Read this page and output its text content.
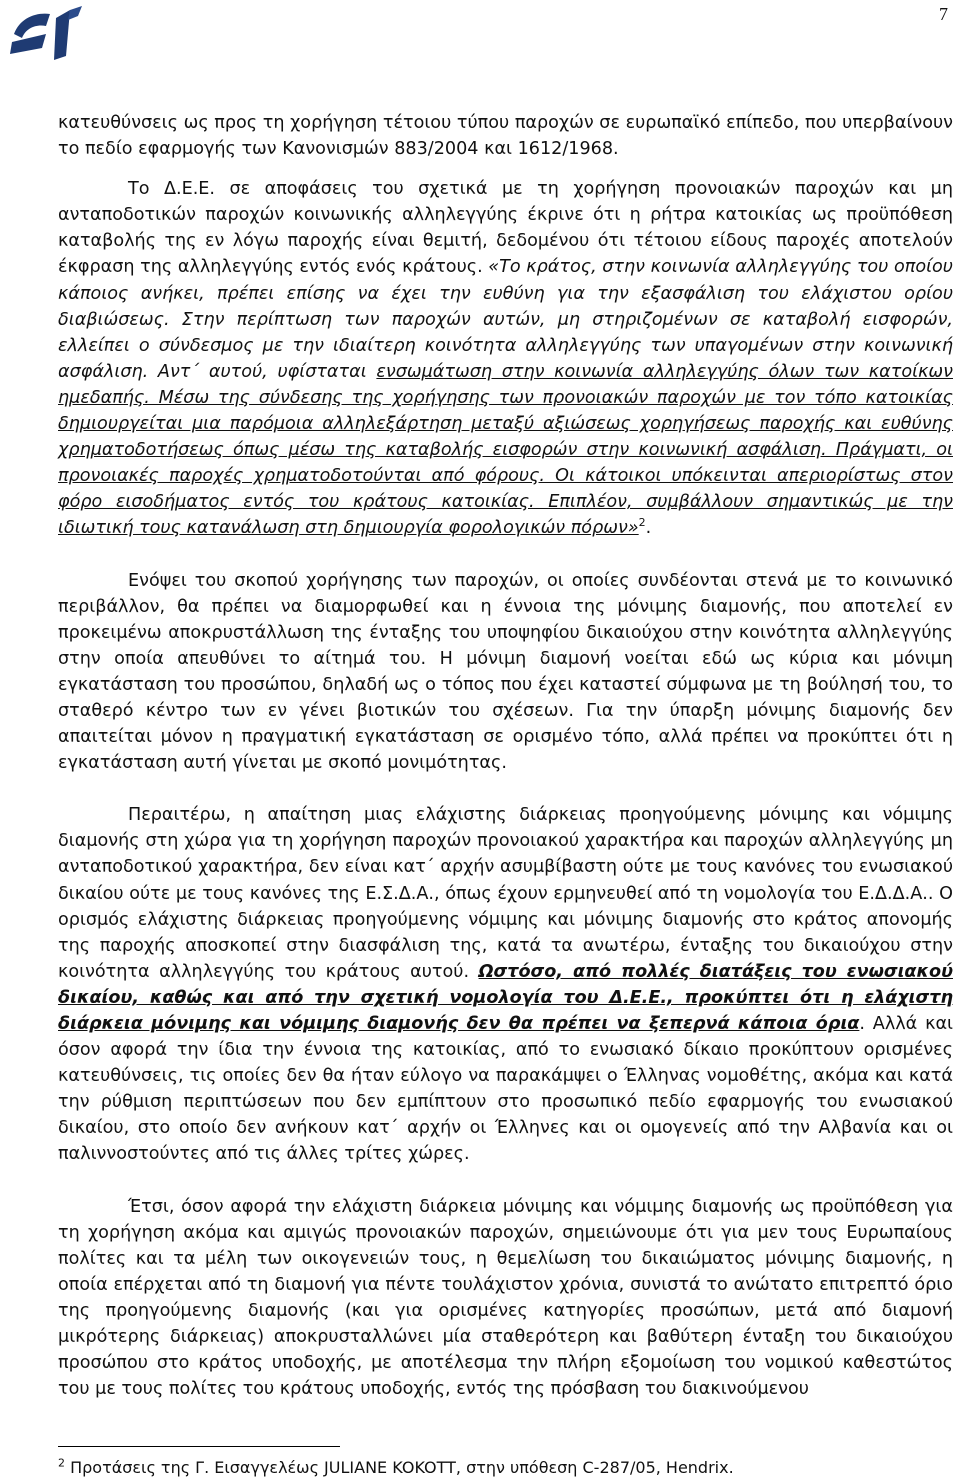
7

κατευθύνσεις ως προς τη χορήγηση τέτοιου τύπου παροχών σε ευρωπαϊκό επίπεδο, που υπερβαίνουν το πεδίο εφαρμογής των Κανονισμών 883/2004 και 1612/1968.

Το Δ.Ε.Ε. σε αποφάσεις του σχετικά με τη χορήγηση προνοιακών παροχών και μη ανταποδοτικών παροχών κοινωνικής αλληλεγγύης έκρινε ότι η ρήτρα κατοικίας ως προϋπόθεση καταβολής της εν λόγω παροχής είναι θεμιτή, δεδομένου ότι τέτοιου είδους παροχές αποτελούν έκφραση της αλληλεγγύης εντός ενός κράτους. «Το κράτος, στην κοινωνία αλληλεγγύης του οποίου κάποιος ανήκει, πρέπει επίσης να έχει την ευθύνη για την εξασφάλιση του ελάχιστου ορίου διαβιώσεως. Στην περίπτωση των παροχών αυτών, μη στηριζομένων σε καταβολή εισφορών, ελλείπει ο σύνδεσμος με την ιδιαίτερη κοινότητα αλληλεγγύης των υπαγομένων στην κοινωνική ασφάλιση. Αντ΄ αυτού, υφίσταται ενσωμάτωση στην κοινωνία αλληλεγγύης όλων των κατοίκων ημεδαπής. Μέσω της σύνδεσης της χορήγησης των προνοιακών παροχών με τον τόπο κατοικίας δημιουργείται μια παρόμοια αλληλεξάρτηση μεταξύ αξιώσεως χορηγήσεως παροχής και ευθύνης χρηματοδοτήσεως όπως μέσω της καταβολής εισφορών στην κοινωνική ασφάλιση. Πράγματι, οι προνοιακές παροχές χρηματοδοτούνται από φόρους. Οι κάτοικοι υπόκεινται απεριορίστως στον φόρο εισοδήματος εντός του κράτους κατοικίας. Επιπλέον, συμβάλλουν σημαντικώς με την ιδιωτική τους κατανάλωση στη δημιουργία φορολογικών πόρων»$^2$.

Ενόψει του σκοπού χορήγησης των παροχών, οι οποίες συνδέονται στενά με το κοινωνικό περιβάλλον, θα πρέπει να διαμορφωθεί και η έννοια της μόνιμης διαμονής, που αποτελεί εν προκειμένω αποκρυστάλλωση της ένταξης του υποψηφίου δικαιούχου στην κοινότητα αλληλεγγύης στην οποία απευθύνει το αίτημά του. Η μόνιμη διαμονή νοείται εδώ ως κύρια και μόνιμη εγκατάσταση του προσώπου, δηλαδή ως ο τόπος που έχει καταστεί σύμφωνα με τη βούλησή του, το σταθερό κέντρο των εν γένει βιοτικών του σχέσεων. Για την ύπαρξη μόνιμης διαμονής δεν απαιτείται μόνον η πραγματική εγκατάσταση σε ορισμένο τόπο, αλλά πρέπει να προκύπτει ότι η εγκατάσταση αυτή γίνεται με σκοπό μονιμότητας.

Περαιτέρω, η απαίτηση μιας ελάχιστης διάρκειας προηγούμενης μόνιμης και νόμιμης διαμονής στη χώρα για τη χορήγηση παροχών προνοιακού χαρακτήρα και παροχών αλληλεγγύης μη ανταποδοτικού χαρακτήρα, δεν είναι κατ΄ αρχήν ασυμβίβαστη ούτε με τους κανόνες του ενωσιακού δικαίου ούτε με τους κανόνες της Ε.Σ.Δ.Α., όπως έχουν ερμηνευθεί από τη νομολογία του Ε.Δ.Δ.Α.. Ο ορισμός ελάχιστης διάρκειας προηγούμενης νόμιμης και μόνιμης διαμονής στο κράτος απονομής της παροχής αποσκοπεί στην διασφάλιση της, κατά τα ανωτέρω, ένταξης του δικαιούχου στην κοινότητα αλληλεγγύης του κράτους αυτού. Ωστόσο, από πολλές διατάξεις του ενωσιακού δικαίου, καθώς και από την σχετική νομολογία του Δ.Ε.Ε., προκύπτει ότι η ελάχιστη διάρκεια μόνιμης και νόμιμης διαμονής δεν θα πρέπει να ξεπερνά κάποια όρια. Αλλά και όσον αφορά την ίδια την έννοια της κατοικίας, από το ενωσιακό δίκαιο προκύπτουν ορισμένες κατευθύνσεις, τις οποίες δεν θα ήταν εύλογο να παρακάμψει ο Έλληνας νομοθέτης, ακόμα και κατά την ρύθμιση περιπτώσεων που δεν εμπίπτουν στο προσωπικό πεδίο εφαρμογής του ενωσιακού δικαίου, στο οποίο δεν ανήκουν κατ΄ αρχήν οι Έλληνες και οι ομογενείς από την Αλβανία και οι παλιννοστούντες από τις άλλες τρίτες χώρες.

Έτσι, όσον αφορά την ελάχιστη διάρκεια μόνιμης και νόμιμης διαμονής ως προϋπόθεση για τη χορήγηση ακόμα και αμιγώς προνοιακών παροχών, σημειώνουμε ότι για μεν τους Ευρωπαίους πολίτες και τα μέλη των οικογενειών τους, η θεμελίωση του δικαιώματος μόνιμης διαμονής, η οποία επέρχεται από τη διαμονή για πέντε τουλάχιστον χρόνια, συνιστά το ανώτατο επιτρεπτό όριο της προηγούμενης διαμονής (και για ορισμένες κατηγορίες προσώπων, μετά από διαμονή μικρότερης διάρκειας) αποκρυσταλλώνει μία σταθερότερη και βαθύτερη ένταξη του δικαιούχου προσώπου στο κράτος υποδοχής, με αποτέλεσμα την πλήρη εξομοίωση του νομικού καθεστώτος του με τους πολίτες του κράτους υποδοχής, εντός της πρόσβαση του διακινούμενου

$^2$ Προτάσεις της Γ. Εισαγγελέως JULIANE KOKOTT, στην υπόθεση C-287/05, Hendrix.
